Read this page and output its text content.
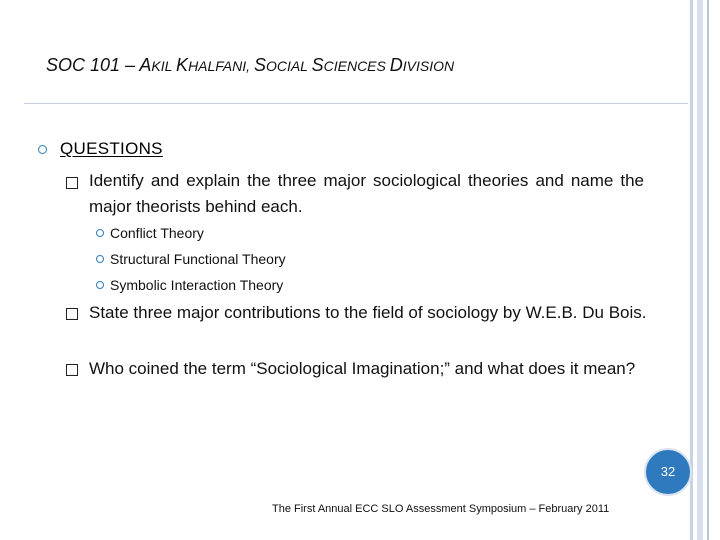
SOC 101 – AKIL KHALFANI, SOCIAL SCIENCES DIVISION
QUESTIONS
Identify and explain the three major sociological theories and name the major theorists behind each.
Conflict Theory
Structural Functional Theory
Symbolic Interaction Theory
State three major contributions to the field of sociology by W.E.B. Du Bois.
Who coined the term “Sociological Imagination;” and what does it mean?
32
The First Annual ECC SLO Assessment Symposium – February 2011
